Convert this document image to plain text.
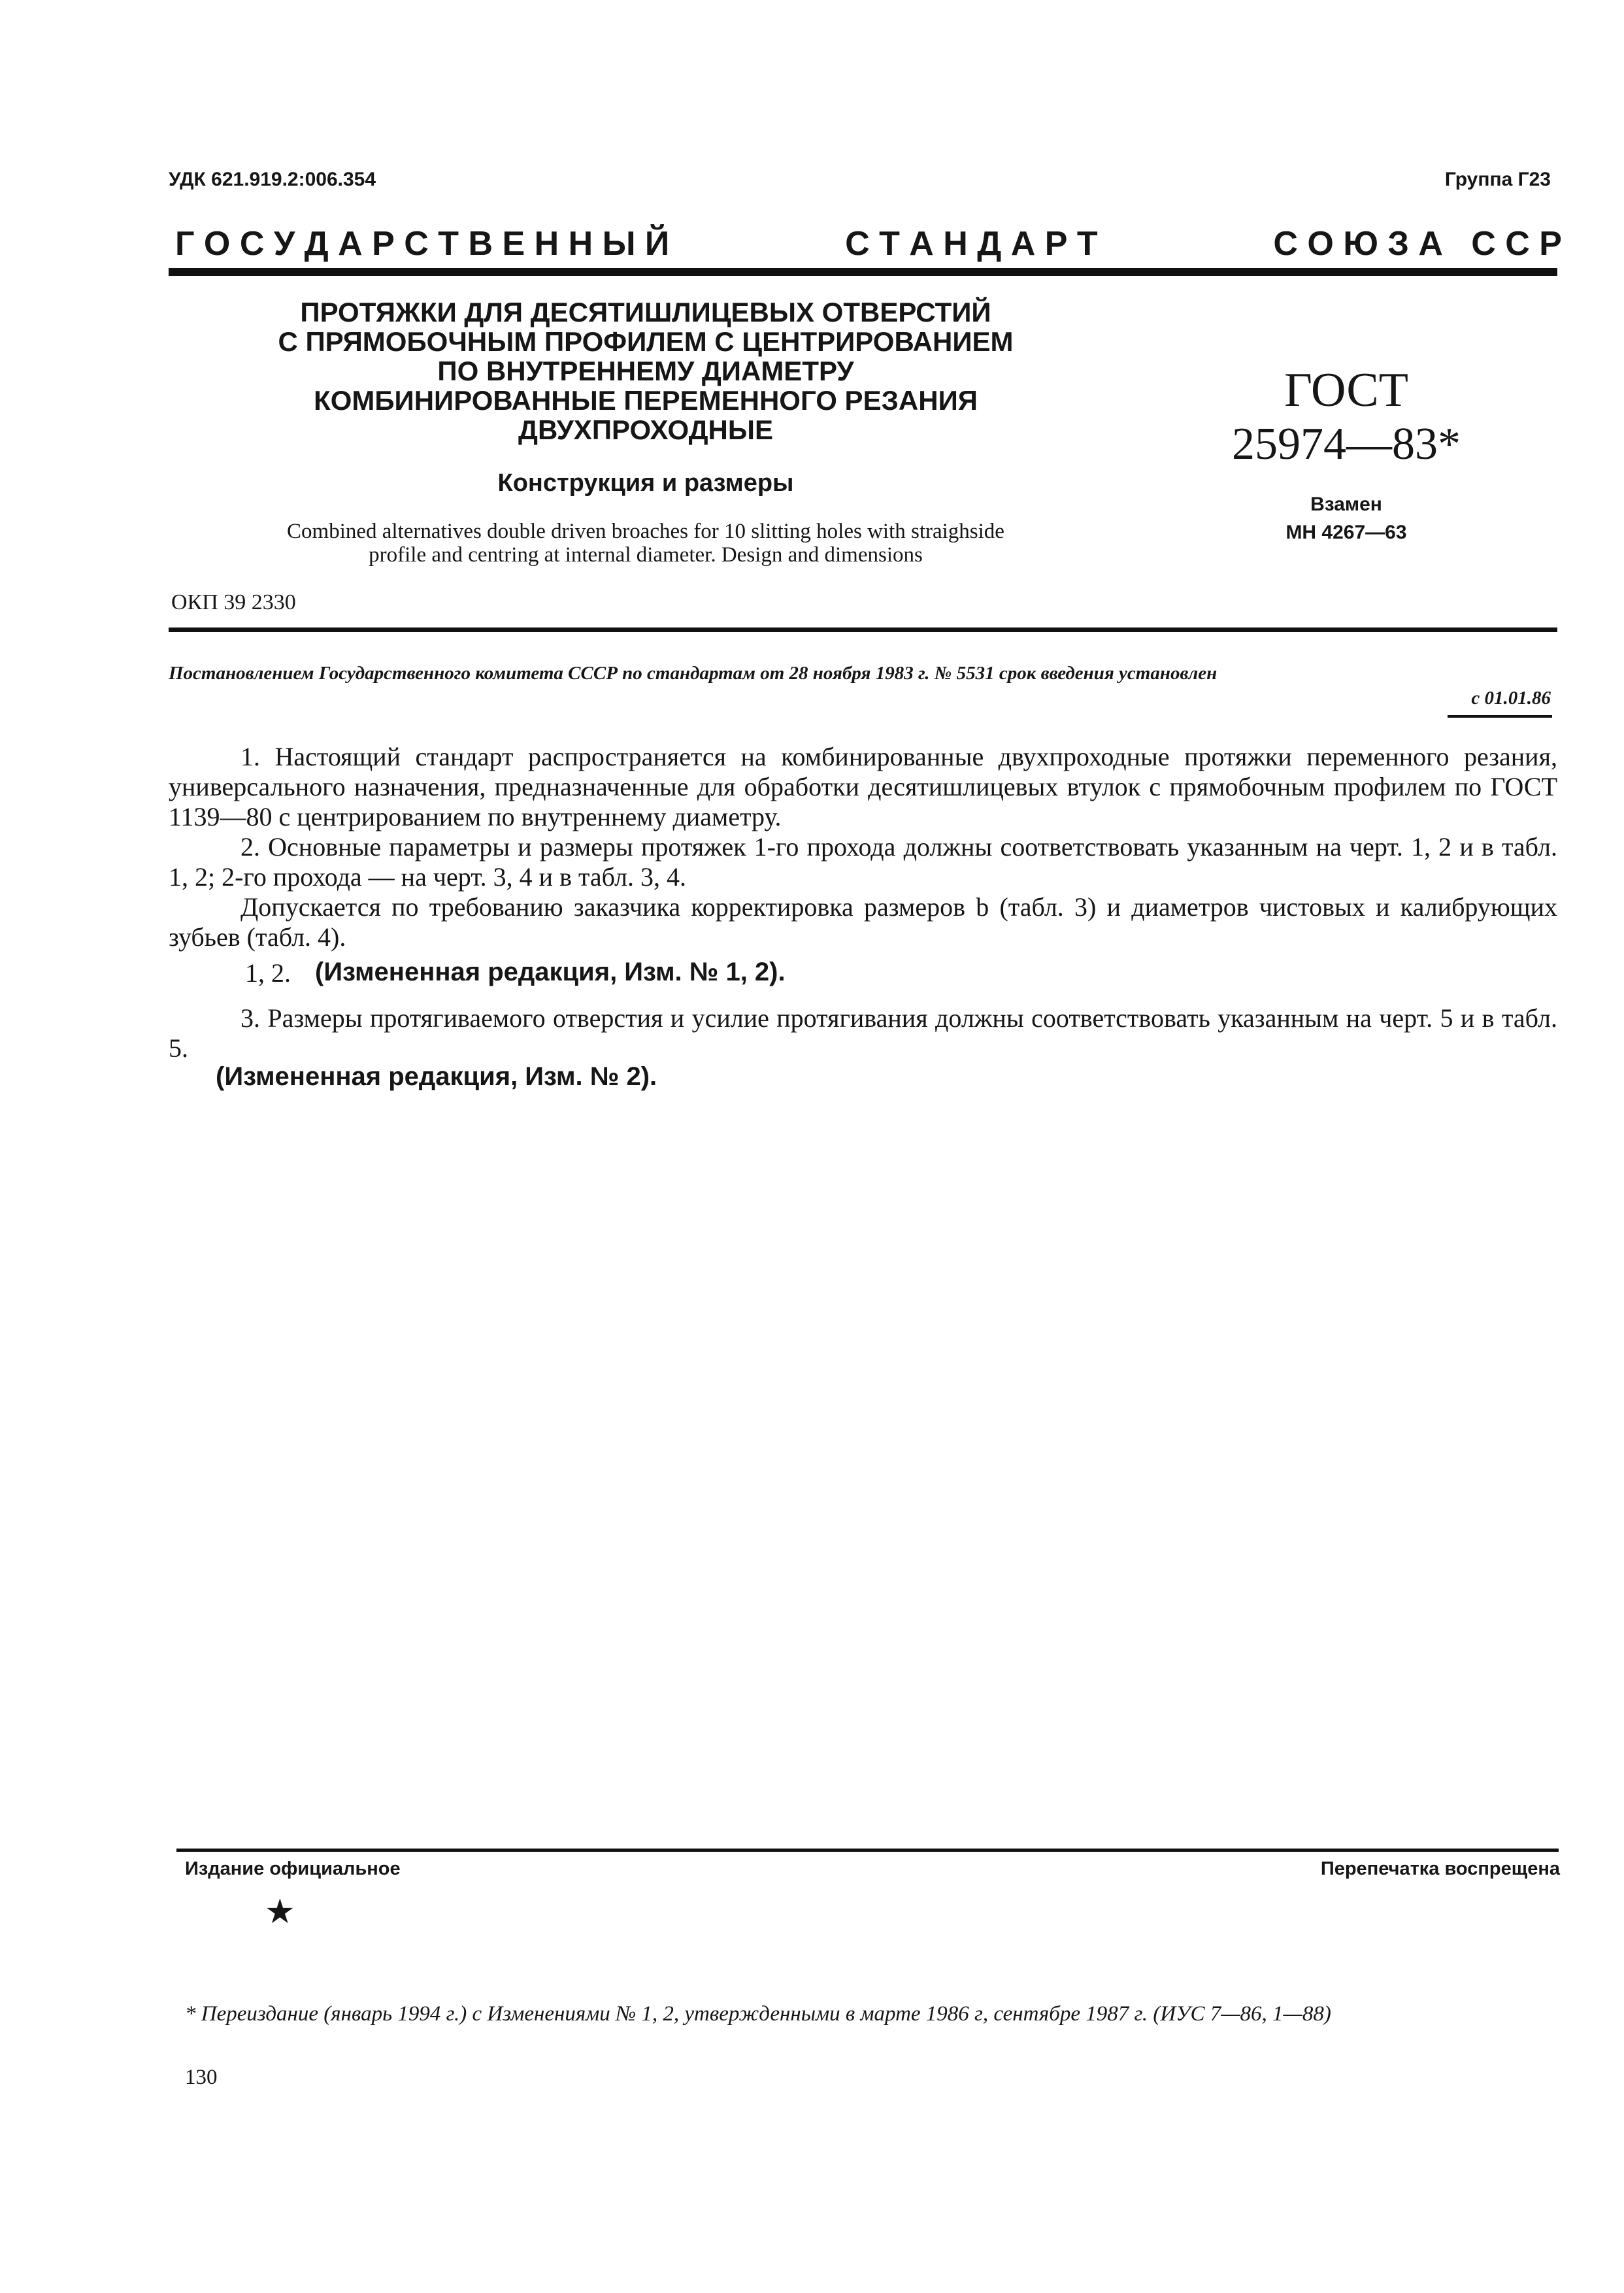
УДК 621.919.2:006.354	Группа Г23
Г О С У Д А Р С Т В Е Н Н Ы Й	С Т А Н Д А Р Т	С О Ю З А   С С Р
ПРОТЯЖКИ ДЛЯ ДЕСЯТИШЛИЦЕВЫХ ОТВЕРСТИЙ
С ПРЯМОБОЧНЫМ ПРОФИЛЕМ С ЦЕНТРИРОВАНИЕМ
ПО ВНУТРЕННЕМУ ДИАМЕТРУ
КОМБИНИРОВАННЫЕ ПЕРЕМЕННОГО РЕЗАНИЯ
ДВУХПРОХОДНЫЕ
Конструкция и размеры
Combined alternatives double driven broaches for 10 slitting holes with straighside
profile and centring at internal diameter. Design and dimensions
ГОСТ
25974—83*
Взамен
МН 4267—63
ОКП 39 2330
Постановлением Государственного комитета СССР по стандартам от 28 ноября 1983 г. № 5531 срок введения установлен
с 01.01.86
1. Настоящий стандарт распространяется на комбинированные двухпроходные протяжки переменного резания, универсального назначения, предназначенные для обработки десятишлицевых втулок с прямобочным профилем по ГОСТ 1139—80 с центрированием по внутреннему диаметру.
2. Основные параметры и размеры протяжек 1-го прохода должны соответствовать указанным на черт. 1, 2 и в табл. 1, 2; 2-го прохода — на черт. 3, 4 и в табл. 3, 4.
Допускается по требованию заказчика корректировка размеров b (табл. 3) и диаметров чистовых и калибрующих зубьев (табл. 4).
1, 2. (Измененная редакция, Изм. № 1, 2).
3. Размеры протягиваемого отверстия и усилие протягивания должны соответствовать указанным на черт. 5 и в табл. 5.
(Измененная редакция, Изм. № 2).
Издание официальное	Перепечатка воспрещена
★
* Переиздание (январь 1994 г.) с Изменениями № 1, 2, утвержденными в марте 1986 г, сентябре 1987 г. (ИУС 7—86, 1—88)
130
